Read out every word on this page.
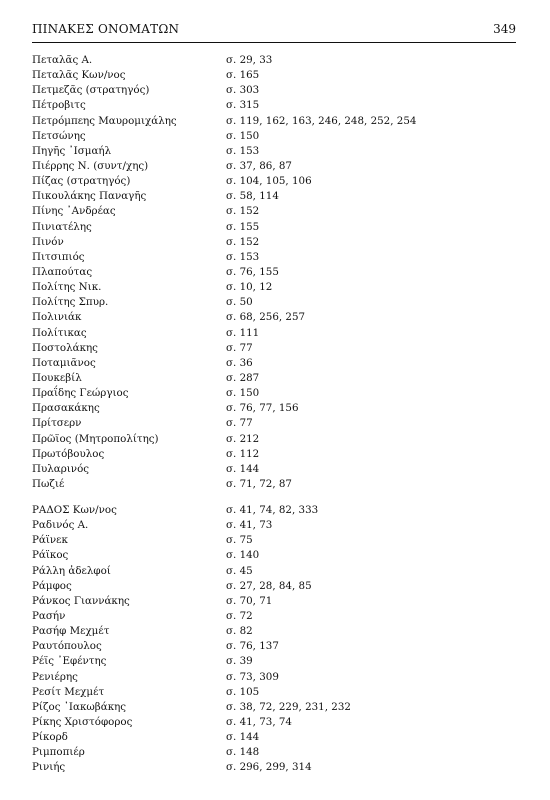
ΠΙΝΑΚΕΣ ΟΝΟΜΑΤΩΝ	349
Πεταλᾶς Α.	σ. 29, 33
Πεταλᾶς Κων/νος	σ. 165
Πετμεζᾶς (στρατηγός)	σ. 303
Πέτροβιτς	σ. 315
Πετρόμπεης Μαυρομιχάλης	σ. 119, 162, 163, 246, 248, 252, 254
Πετσώνης	σ. 150
Πηγῆς ᾿Ισμαήλ	σ. 153
Πιέρρης Ν. (συντ/χης)	σ. 37, 86, 87
Πίζας (στρατηγός)	σ. 104, 105, 106
Πικουλάκης Παναγῆς	σ. 58, 114
Πίνης ᾿Ανδρέας	σ. 152
Πινιατέλης	σ. 155
Πινόν	σ. 152
Πιτσιπιός	σ. 153
Πλαπούτας	σ. 76, 155
Πολίτης Νικ.	σ. 10, 12
Πολίτης Σπυρ.	σ. 50
Πολινιάκ	σ. 68, 256, 257
Πολίτικας	σ. 111
Ποστολάκης	σ. 77
Ποταμιᾶνος	σ. 36
Πουκεβίλ	σ. 287
Πραΐδης Γεώργιος	σ. 150
Πρασακάκης	σ. 76, 77, 156
Πρίτσερν	σ. 77
Πρῶϊος (Μητροπολίτης)	σ. 212
Πρωτόβουλος	σ. 112
Πυλαρινός	σ. 144
Πωζιέ	σ. 71, 72, 87
ΡΑΔΟΣ Κων/νος	σ. 41, 74, 82, 333
Ραδινός Α.	σ. 41, 73
Ράϊνεκ	σ. 75
Ράϊκος	σ. 140
Ράλλη ἀδελφοί	σ. 45
Ράμφος	σ. 27, 28, 84, 85
Ράνκος Γιαννάκης	σ. 70, 71
Ρασήν	σ. 72
Ρασήφ Μεχμέτ	σ. 82
Ραυτόπουλος	σ. 76, 137
Ρέϊς ᾿Εφέντης	σ. 39
Ρενιέρης	σ. 73, 309
Ρεσίτ Μεχμέτ	σ. 105
Ρίζος ᾿Ιακωβάκης	σ. 38, 72, 229, 231, 232
Ρίκης Χριστόφορος	σ. 41, 73, 74
Ρίκορδ	σ. 144
Ριμποπιέρ	σ. 148
Ρινιής	σ. 296, 299, 314
